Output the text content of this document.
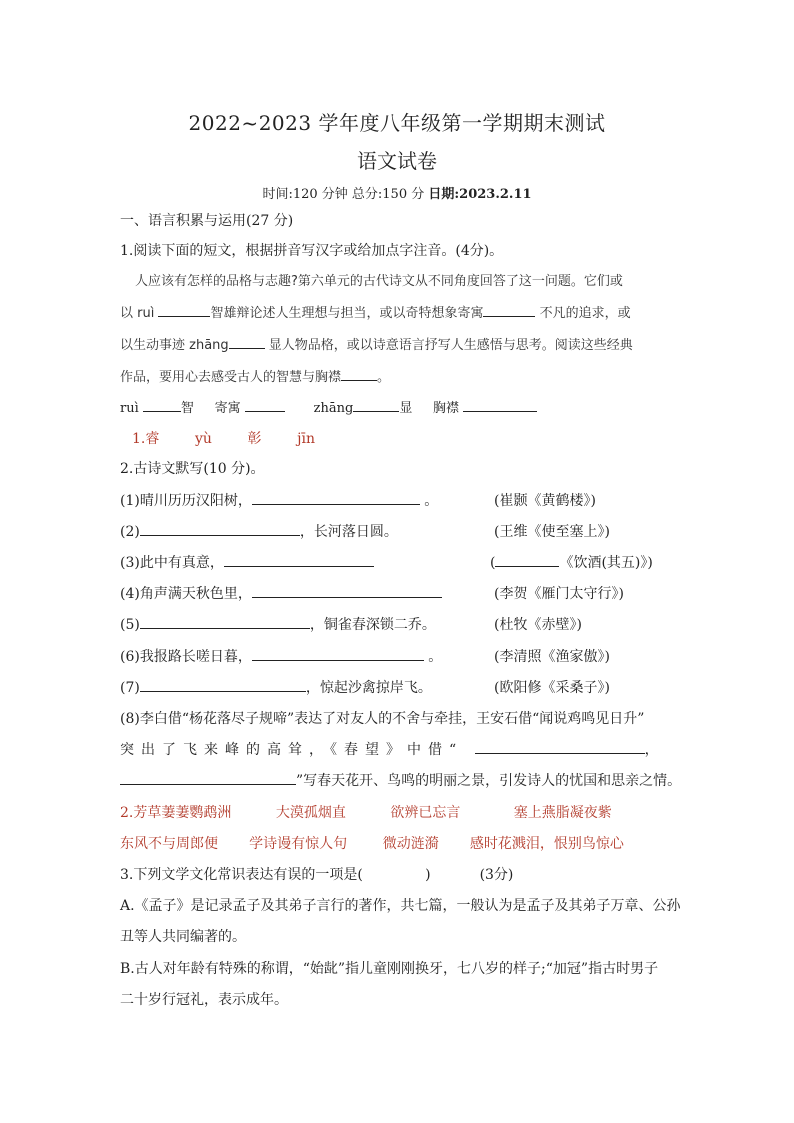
2022~2023 学年度八年级第一学期期末测试
语文试卷
时间:120 分钟 总分:150 分 日期:2023.2.11
一、语言积累与运用(27 分)
1.阅读下面的短文，根据拼音写汉字或给加点字注音。(4分)。
人应该有怎样的品格与志趣?第六单元的古代诗文从不同角度回答了这一问题。它们或
以 ruì	智雄辩论述人生理想与担当，或以奇特想象寄寓	不凡的追求，或
以生动事迹 zhāng	显人物品格，或以诗意语言抒写人生感悟与思考。阅读这些经典
作品，要用心去感受古人的智慧与胸襟	。
ruì	智 寄寓	zhāng	显 胸襟
1.睿	yù	彰	jīn
2.古诗文默写(10 分)。
(1)晴川历历汉阳树，	。	(崔颢《黄鹤楼》)
(2)	，长河落日圆。	(王维《使至塞上》)
(3)此中有真意，	(	《饮酒(其五)》)
(4)角声满天秋色里，	(李贺《雁门太守行》)
(5)	，铜雀春深锁二乔。	(杜牧《赤壁》)
(6)我报路长嗟日暮，	。	(李清照《渔家傲》)
(7)	，惊起沙禽掠岸飞。	(欧阳修《采桑子》)
(8)李白借“杨花落尽子规啼”表达了对友人的不舍与牵挂，王安石借“闻说鸡鸣见日升”
突出了飞来峰的高耸，《春望》中借“	，
”写春天花开、鸟鸣的明丽之景，引发诗人的忧国和思亲之情。
2.芳草萋萋鹦鹉洲	大漠孤烟直	欲辨已忘言	塞上燕脂凝夜紫
东风不与周郎便 学诗谩有惊人句	微动涟漪 感时花溅泪，恨别鸟惊心
3.下列文学文化常识表达有误的一项是(	)	(3分)
A.《孟子》是记录孟子及其弟子言行的著作，共七篇，一般认为是孟子及其弟子万章、公孙
丑等人共同编著的。
B.古人对年龄有特殊的称谓，“始龀”指儿童刚刚换牙，七八岁的样子;“加冠”指古时男子
二十岁行冠礼，表示成年。
